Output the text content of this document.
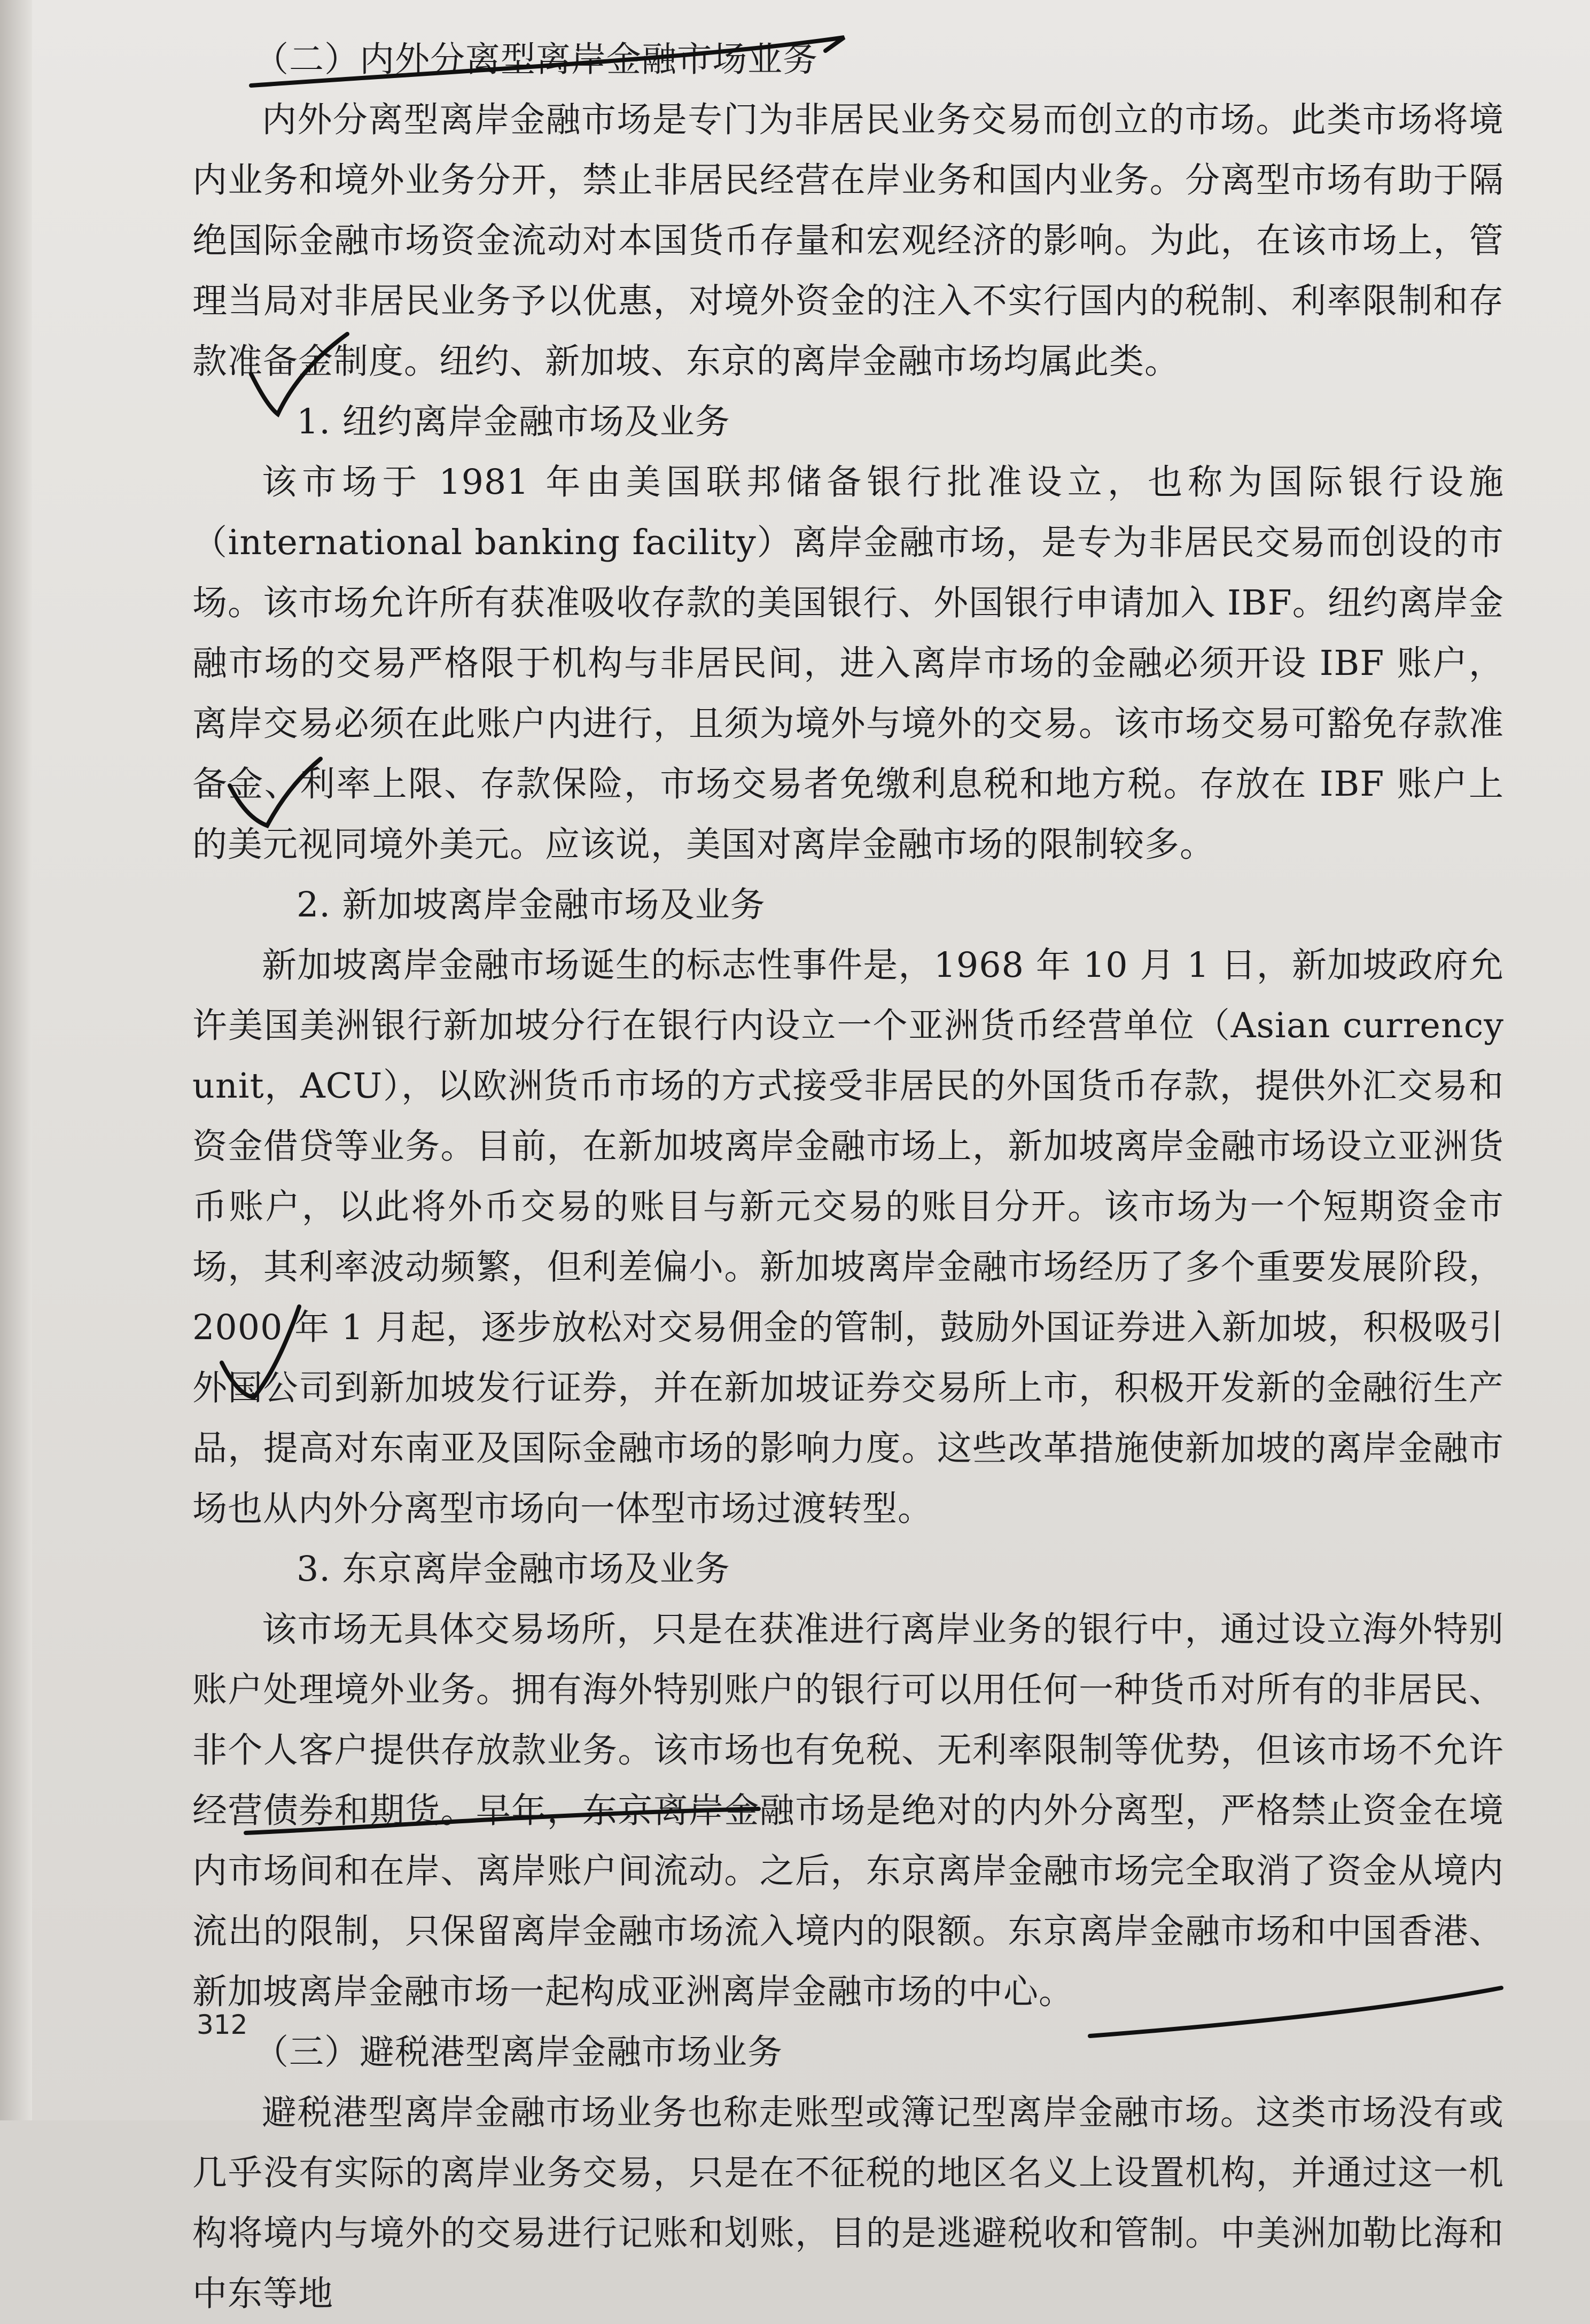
（二）内外分离型离岸金融市场业务

内外分离型离岸金融市场是专门为非居民业务交易而创立的市场。此类市场将境内业务和境外业务分开，禁止非居民经营在岸业务和国内业务。分离型市场有助于隔绝国际金融市场资金流动对本国货币存量和宏观经济的影响。为此，在该市场上，管理当局对非居民业务予以优惠，对境外资金的注入不实行国内的税制、利率限制和存款准备金制度。纽约、新加坡、东京的离岸金融市场均属此类。

1. 纽约离岸金融市场及业务

该市场于 1981 年由美国联邦储备银行批准设立，也称为国际银行设施（international banking facility）离岸金融市场，是专为非居民交易而创设的市场。该市场允许所有获准吸收存款的美国银行、外国银行申请加入 IBF。纽约离岸金融市场的交易严格限于机构与非居民间，进入离岸市场的金融必须开设 IBF 账户，离岸交易必须在此账户内进行，且须为境外与境外的交易。该市场交易可豁免存款准备金、利率上限、存款保险，市场交易者免缴利息税和地方税。存放在 IBF 账户上的美元视同境外美元。应该说，美国对离岸金融市场的限制较多。

2. 新加坡离岸金融市场及业务

新加坡离岸金融市场诞生的标志性事件是，1968 年 10 月 1 日，新加坡政府允许美国美洲银行新加坡分行在银行内设立一个亚洲货币经营单位（Asian currency unit，ACU），以欧洲货币市场的方式接受非居民的外国货币存款，提供外汇交易和资金借贷等业务。目前，在新加坡离岸金融市场上，新加坡离岸金融市场设立亚洲货币账户，以此将外币交易的账目与新元交易的账目分开。该市场为一个短期资金市场，其利率波动频繁，但利差偏小。新加坡离岸金融市场经历了多个重要发展阶段，2000 年 1 月起，逐步放松对交易佣金的管制，鼓励外国证券进入新加坡，积极吸引外国公司到新加坡发行证券，并在新加坡证券交易所上市，积极开发新的金融衍生产品，提高对东南亚及国际金融市场的影响力度。这些改革措施使新加坡的离岸金融市场也从内外分离型市场向一体型市场过渡转型。

3. 东京离岸金融市场及业务

该市场无具体交易场所，只是在获准进行离岸业务的银行中，通过设立海外特别账户处理境外业务。拥有海外特别账户的银行可以用任何一种货币对所有的非居民、非个人客户提供存放款业务。该市场也有免税、无利率限制等优势，但该市场不允许经营债券和期货。早年，东京离岸金融市场是绝对的内外分离型，严格禁止资金在境内市场间和在岸、离岸账户间流动。之后，东京离岸金融市场完全取消了资金从境内流出的限制，只保留离岸金融市场流入境内的限额。东京离岸金融市场和中国香港、新加坡离岸金融市场一起构成亚洲离岸金融市场的中心。

（三）避税港型离岸金融市场业务

避税港型离岸金融市场业务也称走账型或簿记型离岸金融市场。这类市场没有或几乎没有实际的离岸业务交易，只是在不征税的地区名义上设置机构，并通过这一机构将境内与境外的交易进行记账和划账，目的是逃避税收和管制。中美洲加勒比海和中东等地

312
